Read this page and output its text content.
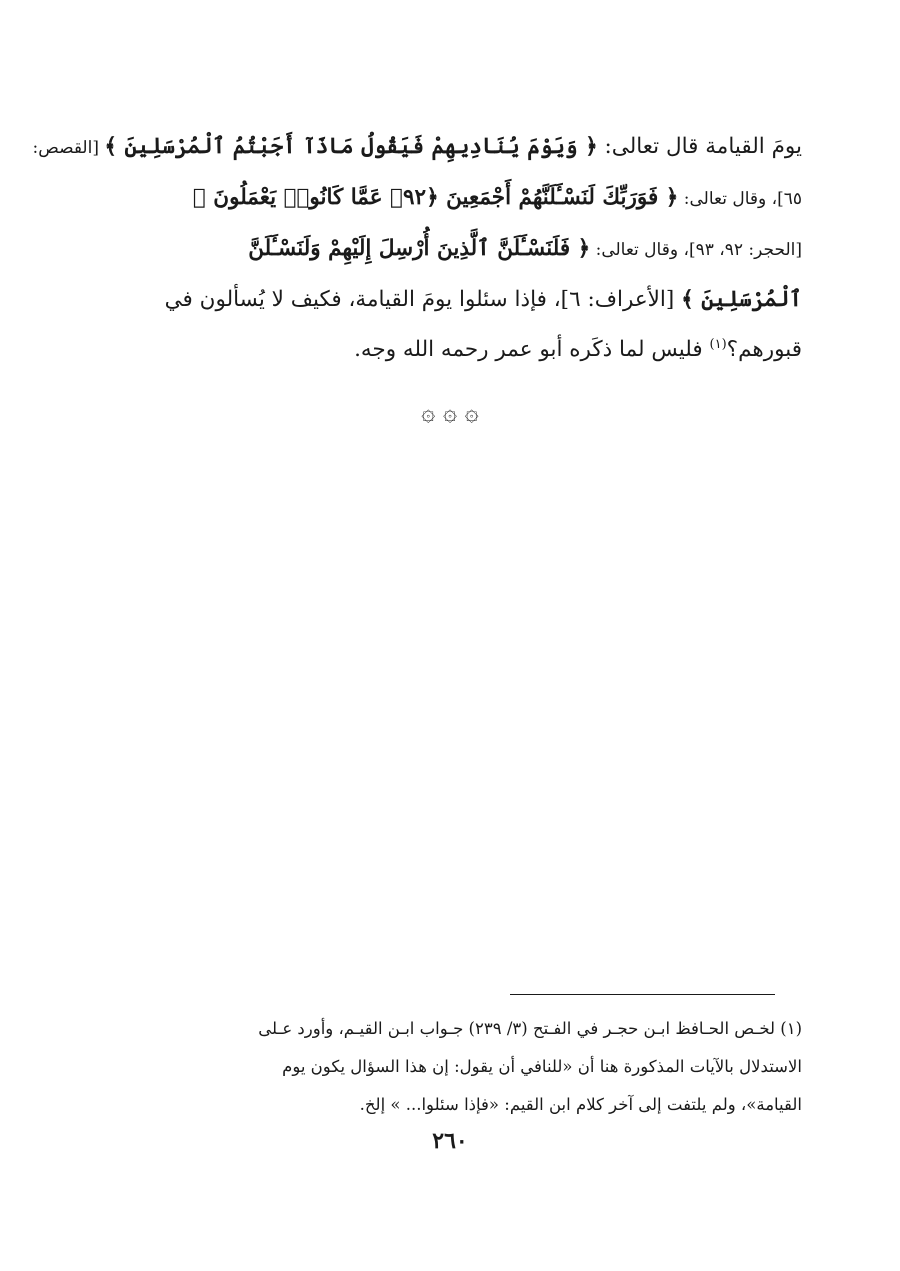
يومَ القيامة قال تعالى: ﴿ وَيَوْمَ يُنَادِيهِمْ فَيَقُولُ مَاذَآ أَجَبْتُمُ ٱلْمُرْسَلِينَ ﴾ [القصص:
٦٥]، وقال تعالى: ﴿ فَوَرَبِّكَ لَنَسْـَٔلَنَّهُمْ أَجْمَعِينَ ﴿٩٢﴾ عَمَّا كَانُوا۟ يَعْمَلُونَ ﴾
[الحجر: ٩٢، ٩٣]، وقال تعالى: ﴿ فَلَنَسْـَٔلَنَّ ٱلَّذِينَ أُرْسِلَ إِلَيْهِمْ وَلَنَسْـَٔلَنَّ
ٱلْمُرْسَلِينَ ﴾ [الأعراف: ٦]، فإذا سئلوا يومَ القيامة، فكيف لا يُسألون في
قبورهم؟$^{(١)}$ فليس لما ذكَره أبو عمر رحمه الله وجه.
۞ ۞ ۞
(١) لخـص الحـافظ ابـن حجـر في الفـتح (٣/ ٢٣٩) جـواب ابـن القيـم، وأورد عـلى
الاستدلال بالآيات المذكورة هنا أن «للنافي أن يقول: إن هذا السؤال يكون يوم
القيامة»، ولم يلتفت إلى آخر كلام ابن القيم: «فإذا سئلوا... » إلخ.
٢٦٠
